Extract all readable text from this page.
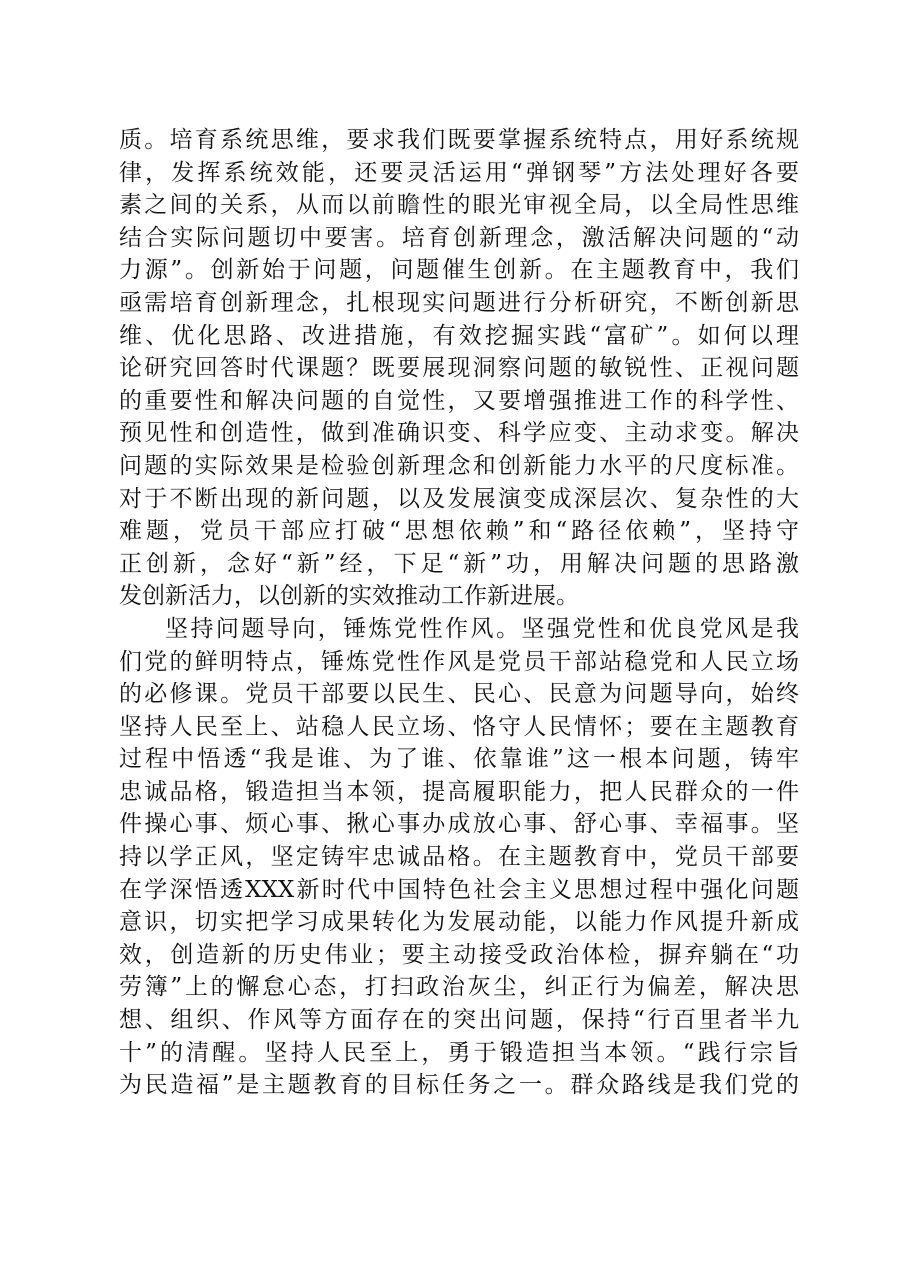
质。培育系统思维，要求我们既要掌握系统特点，用好系统规
律，发挥系统效能，还要灵活运用“弹钢琴”方法处理好各要
素之间的关系，从而以前瞻性的眼光审视全局，以全局性思维
结合实际问题切中要害。培育创新理念，激活解决问题的“动
力源”。创新始于问题，问题催生创新。在主题教育中，我们
亟需培育创新理念，扎根现实问题进行分析研究，不断创新思
维、优化思路、改进措施，有效挖掘实践“富矿”。如何以理
论研究回答时代课题？既要展现洞察问题的敏锐性、正视问题
的重要性和解决问题的自觉性，又要增强推进工作的科学性、
预见性和创造性，做到准确识变、科学应变、主动求变。解决
问题的实际效果是检验创新理念和创新能力水平的尺度标准。
对于不断出现的新问题，以及发展演变成深层次、复杂性的大
难题，党员干部应打破“思想依赖”和“路径依赖”，坚持守
正创新，念好“新”经，下足“新”功，用解决问题的思路激
发创新活力，以创新的实效推动工作新进展。
坚持问题导向，锤炼党性作风。坚强党性和优良党风是我
们党的鲜明特点，锤炼党性作风是党员干部站稳党和人民立场
的必修课。党员干部要以民生、民心、民意为问题导向，始终
坚持人民至上、站稳人民立场、恪守人民情怀；要在主题教育
过程中悟透“我是谁、为了谁、依靠谁”这一根本问题，铸牢
忠诚品格，锻造担当本领，提高履职能力，把人民群众的一件
件操心事、烦心事、揪心事办成放心事、舒心事、幸福事。坚
持以学正风，坚定铸牢忠诚品格。在主题教育中，党员干部要
在学深悟透XXX新时代中国特色社会主义思想过程中强化问题
意识，切实把学习成果转化为发展动能，以能力作风提升新成
效，创造新的历史伟业；要主动接受政治体检，摒弃躺在“功
劳簿”上的懈怠心态，打扫政治灰尘，纠正行为偏差，解决思
想、组织、作风等方面存在的突出问题，保持“行百里者半九
十”的清醒。坚持人民至上，勇于锻造担当本领。“践行宗旨
为民造福”是主题教育的目标任务之一。群众路线是我们党的
